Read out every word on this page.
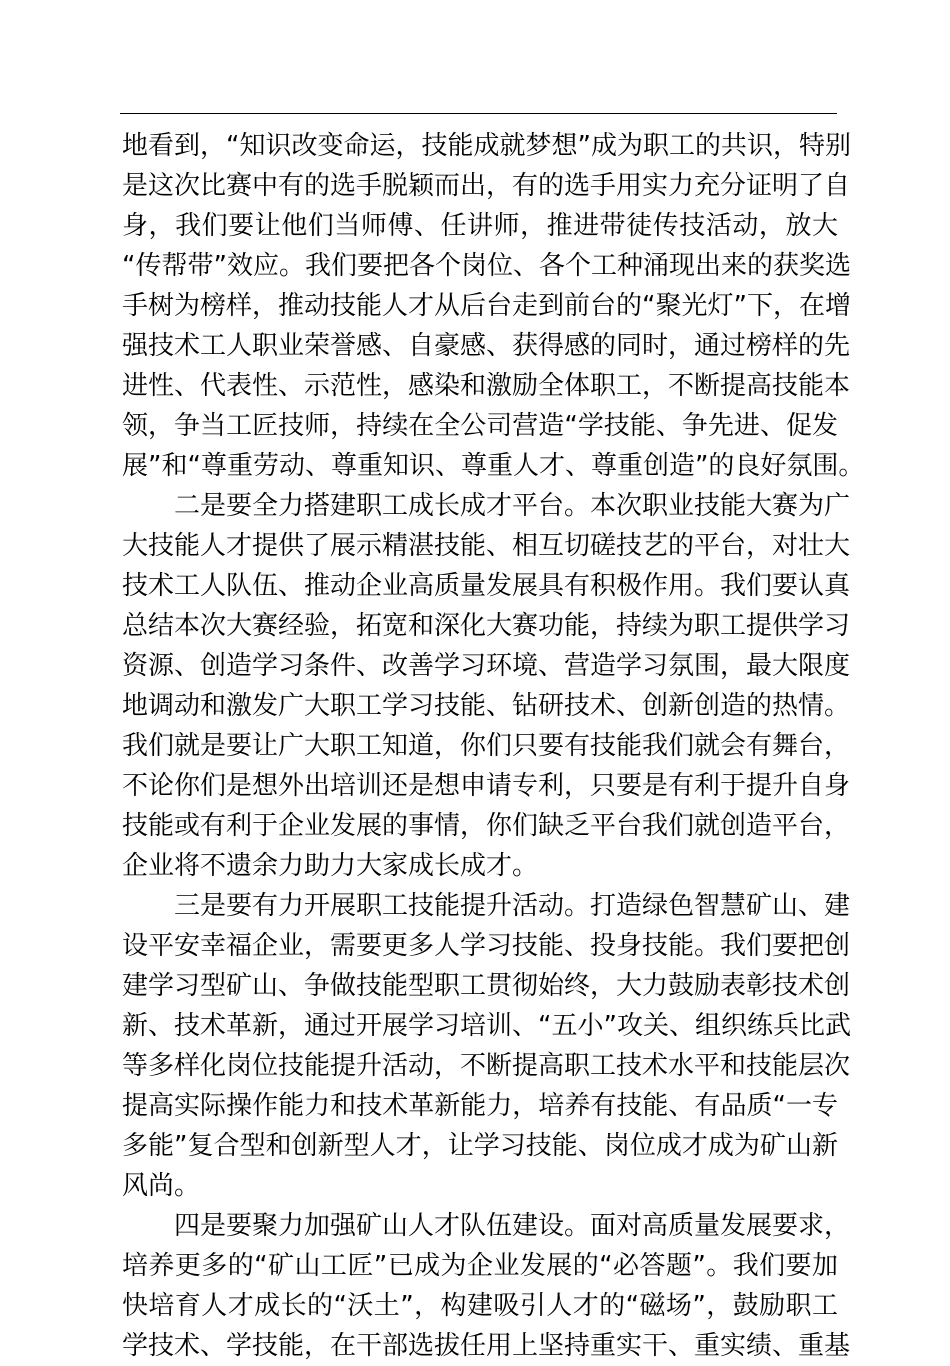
地看到，“知识改变命运，技能成就梦想”成为职工的共识，特别
是这次比赛中有的选手脱颖而出，有的选手用实力充分证明了自
身，我们要让他们当师傅、任讲师，推进带徒传技活动，放大
“传帮带”效应。我们要把各个岗位、各个工种涌现出来的获奖选
手树为榜样，推动技能人才从后台走到前台的“聚光灯”下，在增
强技术工人职业荣誉感、自豪感、获得感的同时，通过榜样的先
进性、代表性、示范性，感染和激励全体职工，不断提高技能本
领，争当工匠技师，持续在全公司营造“学技能、争先进、促发
展”和“尊重劳动、尊重知识、尊重人才、尊重创造”的良好氛围。
二是要全力搭建职工成长成才平台。本次职业技能大赛为广
大技能人才提供了展示精湛技能、相互切磋技艺的平台，对壮大
技术工人队伍、推动企业高质量发展具有积极作用。我们要认真
总结本次大赛经验，拓宽和深化大赛功能，持续为职工提供学习
资源、创造学习条件、改善学习环境、营造学习氛围，最大限度
地调动和激发广大职工学习技能、钻研技术、创新创造的热情。
我们就是要让广大职工知道，你们只要有技能我们就会有舞台，
不论你们是想外出培训还是想申请专利，只要是有利于提升自身
技能或有利于企业发展的事情，你们缺乏平台我们就创造平台，
企业将不遗余力助力大家成长成才。
三是要有力开展职工技能提升活动。打造绿色智慧矿山、建
设平安幸福企业，需要更多人学习技能、投身技能。我们要把创
建学习型矿山、争做技能型职工贯彻始终，大力鼓励表彰技术创
新、技术革新，通过开展学习培训、“五小”攻关、组织练兵比武
等多样化岗位技能提升活动，不断提高职工技术水平和技能层次
提高实际操作能力和技术革新能力，培养有技能、有品质“一专
多能”复合型和创新型人才，让学习技能、岗位成才成为矿山新
风尚。
四是要聚力加强矿山人才队伍建设。面对高质量发展要求，
培养更多的“矿山工匠”已成为企业发展的“必答题”。我们要加
快培育人才成长的“沃土”，构建吸引人才的“磁场”，鼓励职工
学技术、学技能，在干部选拔任用上坚持重实干、重实绩、重基
